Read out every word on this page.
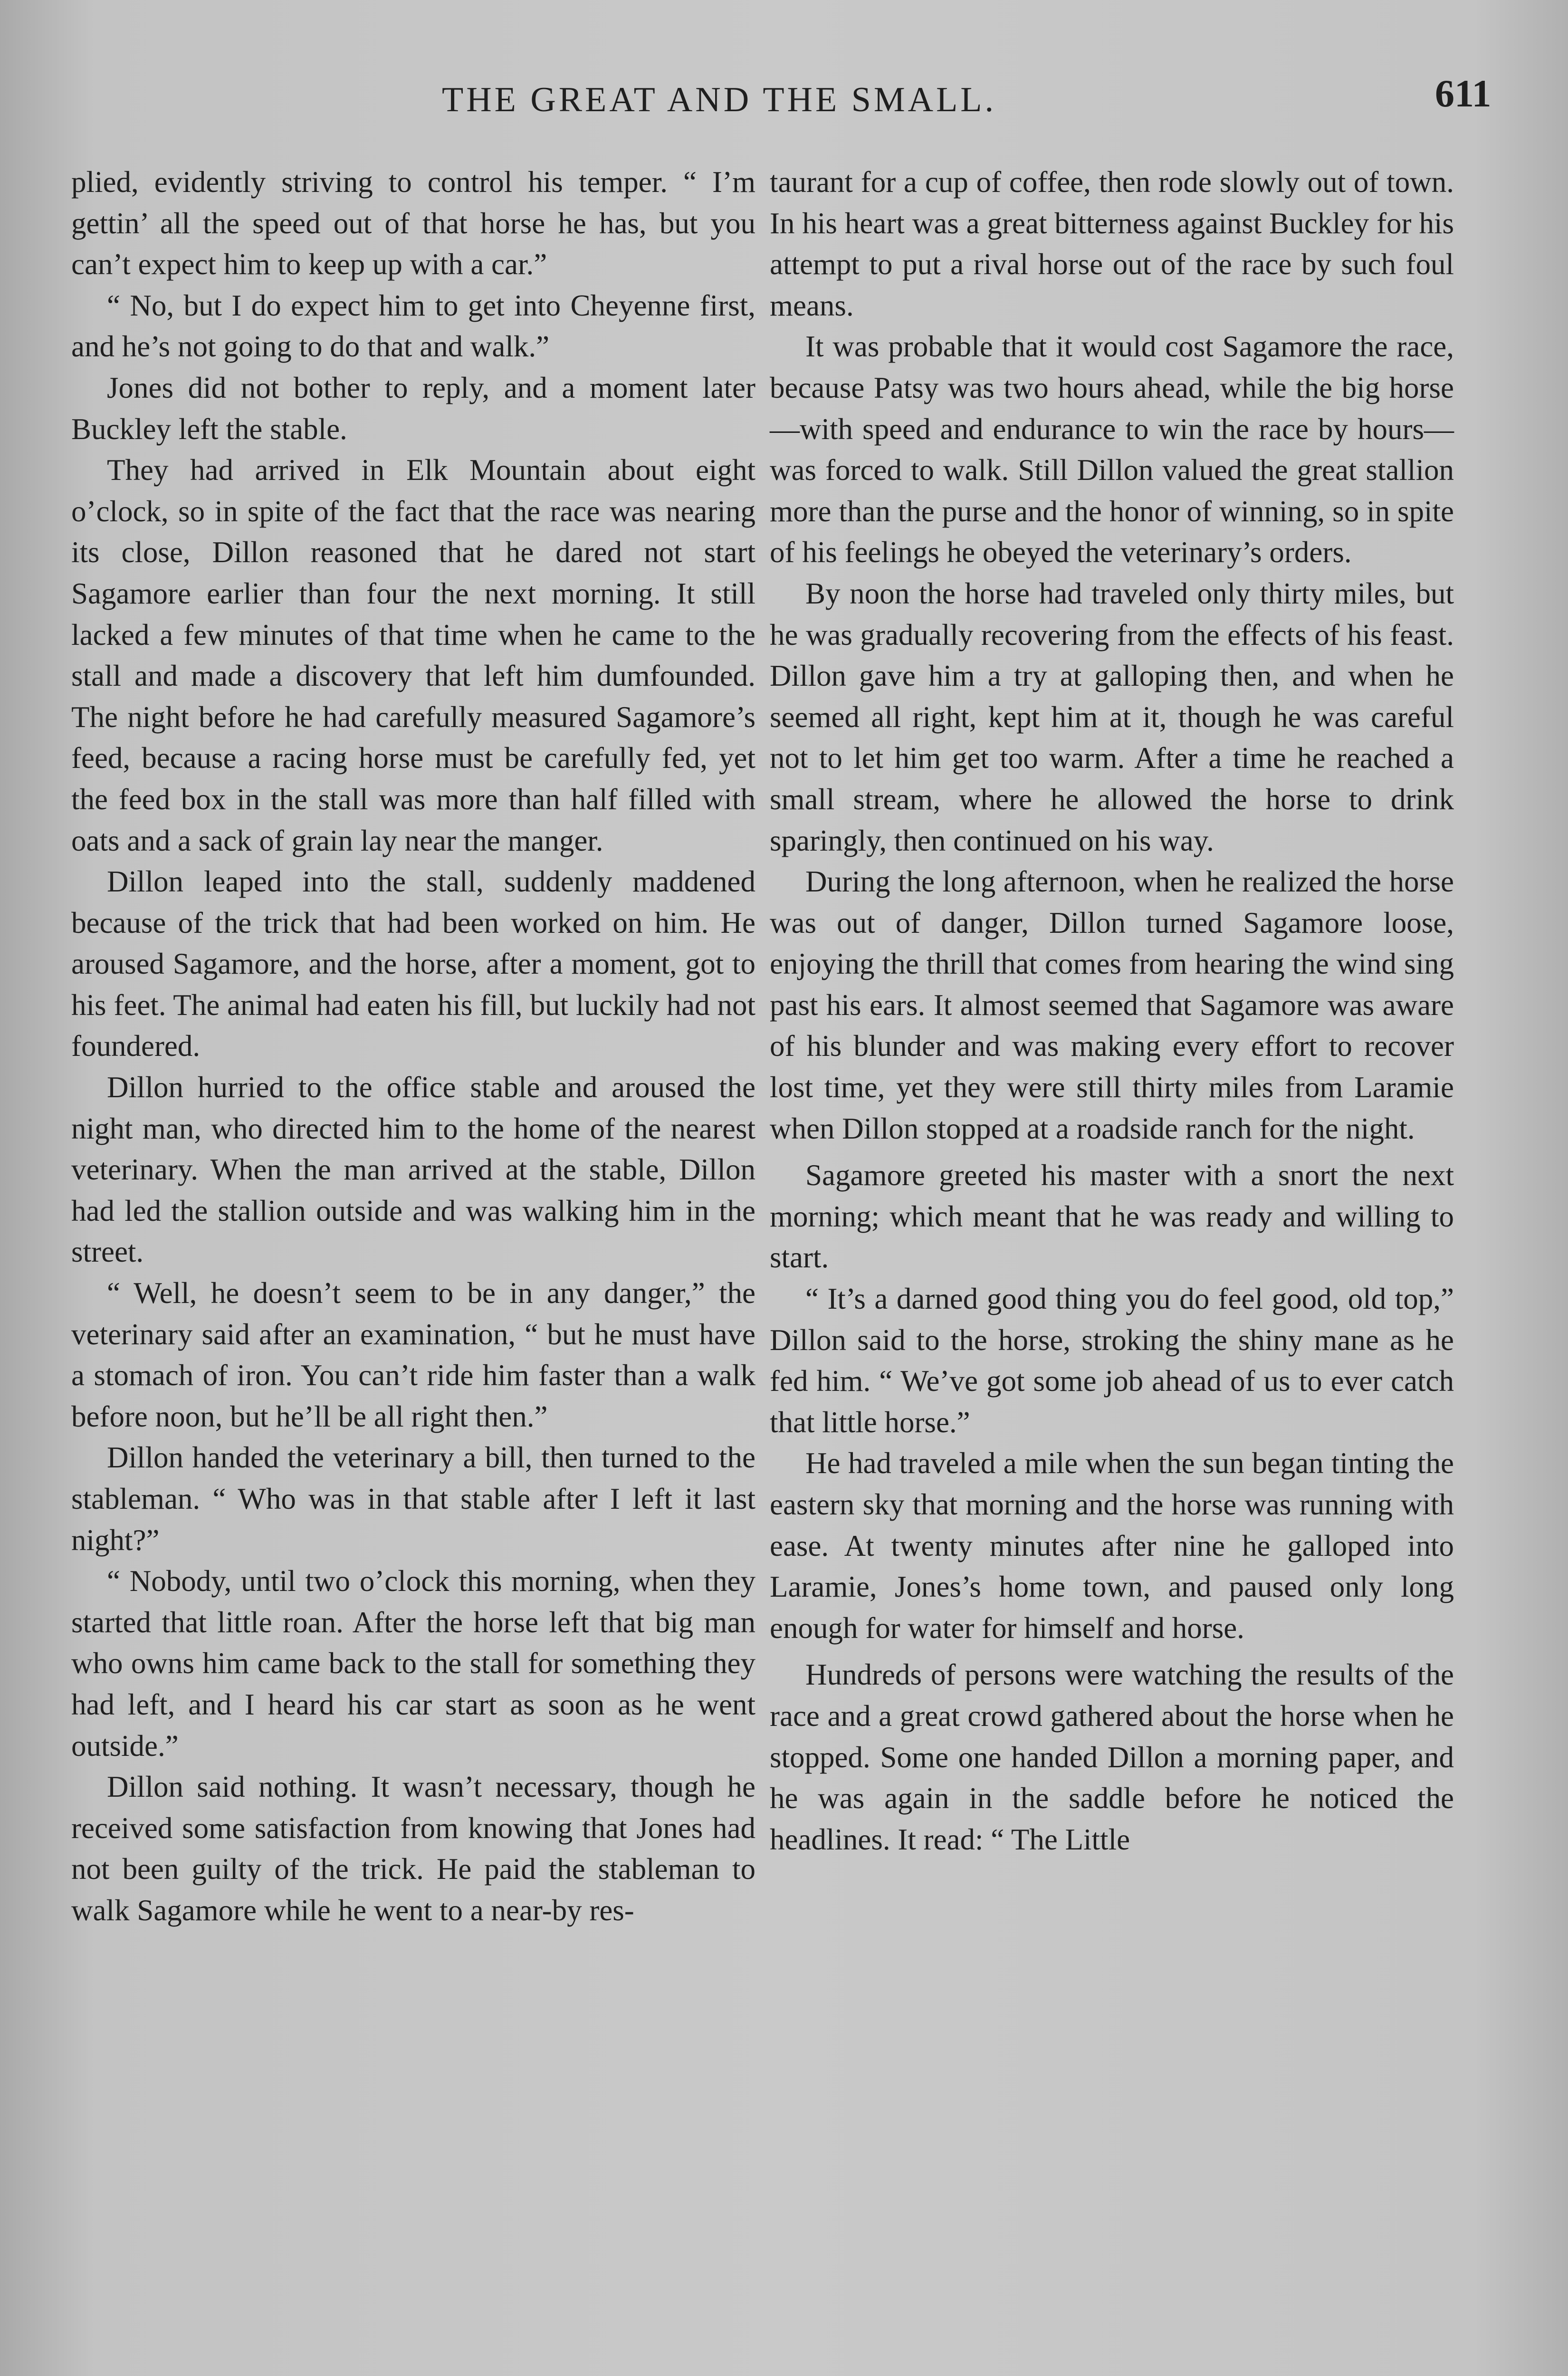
THE GREAT AND THE SMALL.	611

plied, evidently striving to control his temper. “ I’m gettin’ all the speed out of that horse he has, but you can’t expect him to keep up with a car.”

“ No, but I do expect him to get into Cheyenne first, and he’s not going to do that and walk.”

Jones did not bother to reply, and a moment later Buckley left the stable.

They had arrived in Elk Mountain about eight o’clock, so in spite of the fact that the race was nearing its close, Dillon reasoned that he dared not start Sagamore earlier than four the next morning. It still lacked a few minutes of that time when he came to the stall and made a discovery that left him dumfounded. The night before he had carefully measured Sagamore’s feed, because a racing horse must be carefully fed, yet the feed box in the stall was more than half filled with oats and a sack of grain lay near the manger.

Dillon leaped into the stall, suddenly maddened because of the trick that had been worked on him. He aroused Sagamore, and the horse, after a moment, got to his feet. The animal had eaten his fill, but luckily had not foundered.

Dillon hurried to the office stable and aroused the night man, who directed him to the home of the nearest veterinary. When the man arrived at the stable, Dillon had led the stallion outside and was walking him in the street.

“ Well, he doesn’t seem to be in any danger,” the veterinary said after an examination, “ but he must have a stomach of iron. You can’t ride him faster than a walk before noon, but he’ll be all right then.”

Dillon handed the veterinary a bill, then turned to the stableman. “ Who was in that stable after I left it last night?”

“ Nobody, until two o’clock this morning, when they started that little roan. After the horse left that big man who owns him came back to the stall for something they had left, and I heard his car start as soon as he went outside.”

Dillon said nothing. It wasn’t necessary, though he received some satisfaction from knowing that Jones had not been guilty of the trick. He paid the stableman to walk Sagamore while he went to a near-by res-

taurant for a cup of coffee, then rode slowly out of town. In his heart was a great bitterness against Buckley for his attempt to put a rival horse out of the race by such foul means.

It was probable that it would cost Sagamore the race, because Patsy was two hours ahead, while the big horse—with speed and endurance to win the race by hours—was forced to walk. Still Dillon valued the great stallion more than the purse and the honor of winning, so in spite of his feelings he obeyed the veterinary’s orders.

By noon the horse had traveled only thirty miles, but he was gradually recovering from the effects of his feast. Dillon gave him a try at galloping then, and when he seemed all right, kept him at it, though he was careful not to let him get too warm. After a time he reached a small stream, where he allowed the horse to drink sparingly, then continued on his way.

During the long afternoon, when he realized the horse was out of danger, Dillon turned Sagamore loose, enjoying the thrill that comes from hearing the wind sing past his ears. It almost seemed that Sagamore was aware of his blunder and was making every effort to recover lost time, yet they were still thirty miles from Laramie when Dillon stopped at a roadside ranch for the night.

Sagamore greeted his master with a snort the next morning; which meant that he was ready and willing to start.

“ It’s a darned good thing you do feel good, old top,” Dillon said to the horse, stroking the shiny mane as he fed him. “ We’ve got some job ahead of us to ever catch that little horse.”

He had traveled a mile when the sun began tinting the eastern sky that morning and the horse was running with ease. At twenty minutes after nine he galloped into Laramie, Jones’s home town, and paused only long enough for water for himself and horse.

Hundreds of persons were watching the results of the race and a great crowd gathered about the horse when he stopped. Some one handed Dillon a morning paper, and he was again in the saddle before he noticed the headlines. It read: “ The Little
